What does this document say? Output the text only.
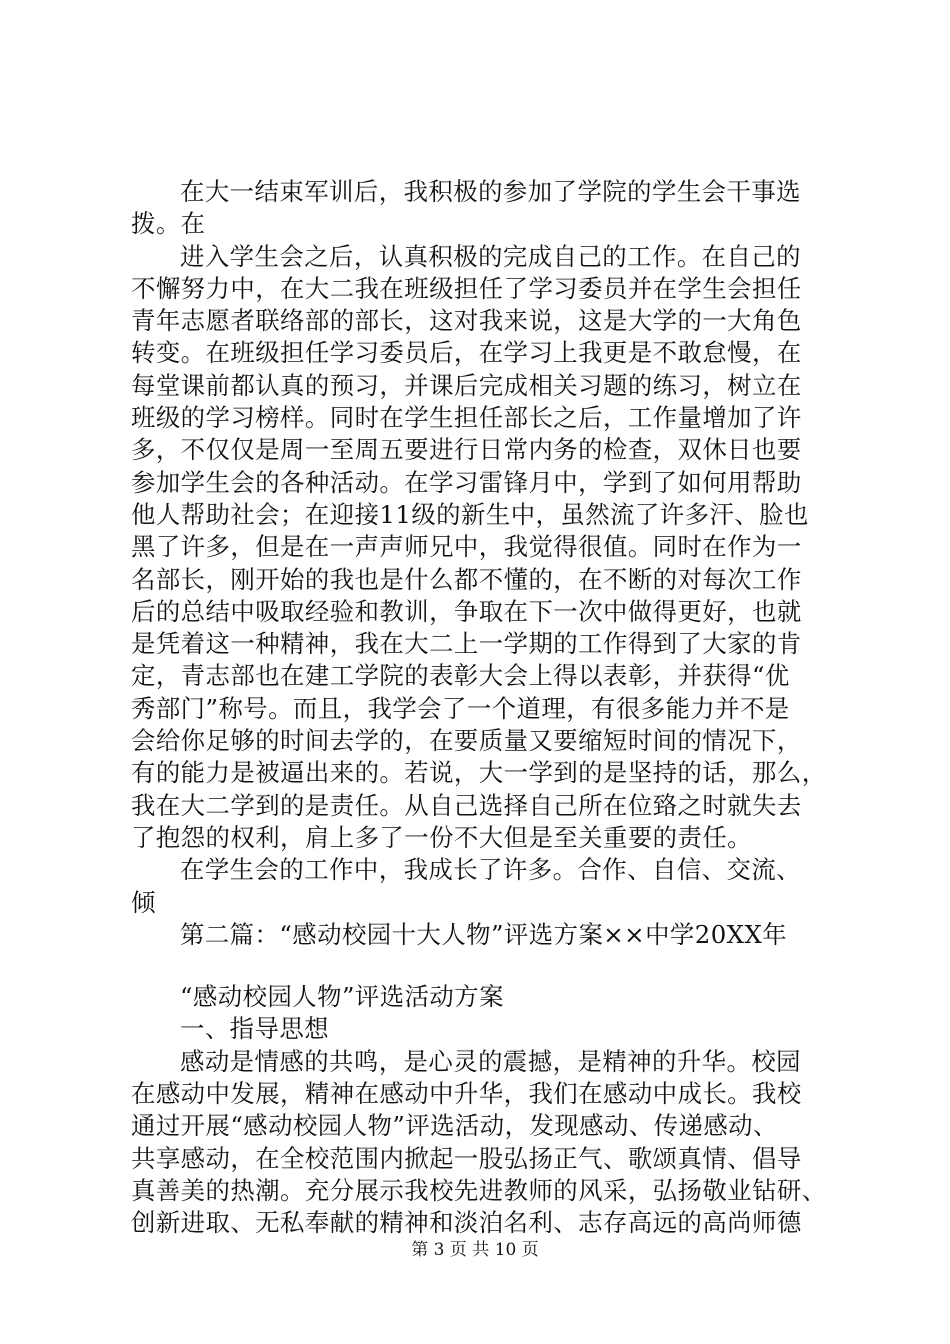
在大一结束军训后，我积极的参加了学院的学生会干事选
拨。在
进入学生会之后，认真积极的完成自己的工作。在自己的
不懈努力中，在大二我在班级担任了学习委员并在学生会担任
青年志愿者联络部的部长，这对我来说，这是大学的一大角色
转变。在班级担任学习委员后，在学习上我更是不敢怠慢，在
每堂课前都认真的预习，并课后完成相关习题的练习，树立在
班级的学习榜样。同时在学生担任部长之后，工作量增加了许
多，不仅仅是周一至周五要进行日常内务的检查，双休日也要
参加学生会的各种活动。在学习雷锋月中，学到了如何用帮助
他人帮助社会；在迎接11级的新生中，虽然流了许多汗、脸也
黑了许多，但是在一声声师兄中，我觉得很值。同时在作为一
名部长，刚开始的我也是什么都不懂的，在不断的对每次工作
后的总结中吸取经验和教训，争取在下一次中做得更好，也就
是凭着这一种精神，我在大二上一学期的工作得到了大家的肯
定，青志部也在建工学院的表彰大会上得以表彰，并获得“优
秀部门”称号。而且，我学会了一个道理，有很多能力并不是
会给你足够的时间去学的，在要质量又要缩短时间的情况下，
有的能力是被逼出来的。若说，大一学到的是坚持的话，那么，
我在大二学到的是责任。从自己选择自己所在位臵之时就失去
了抱怨的权利，肩上多了一份不大但是至关重要的责任。
在学生会的工作中，我成长了许多。合作、自信、交流、
倾
第二篇：“感动校园十大人物”评选方案××中学20XX年
“感动校园人物”评选活动方案
一、指导思想
感动是情感的共鸣，是心灵的震撼，是精神的升华。校园
在感动中发展，精神在感动中升华，我们在感动中成长。我校
通过开展“感动校园人物”评选活动，发现感动、传递感动、
共享感动，在全校范围内掀起一股弘扬正气、歌颂真情、倡导
真善美的热潮。充分展示我校先进教师的风采，弘扬敬业钻研、
创新进取、无私奉献的精神和淡泊名利、志存高远的高尚师德
第 3 页 共 10 页
